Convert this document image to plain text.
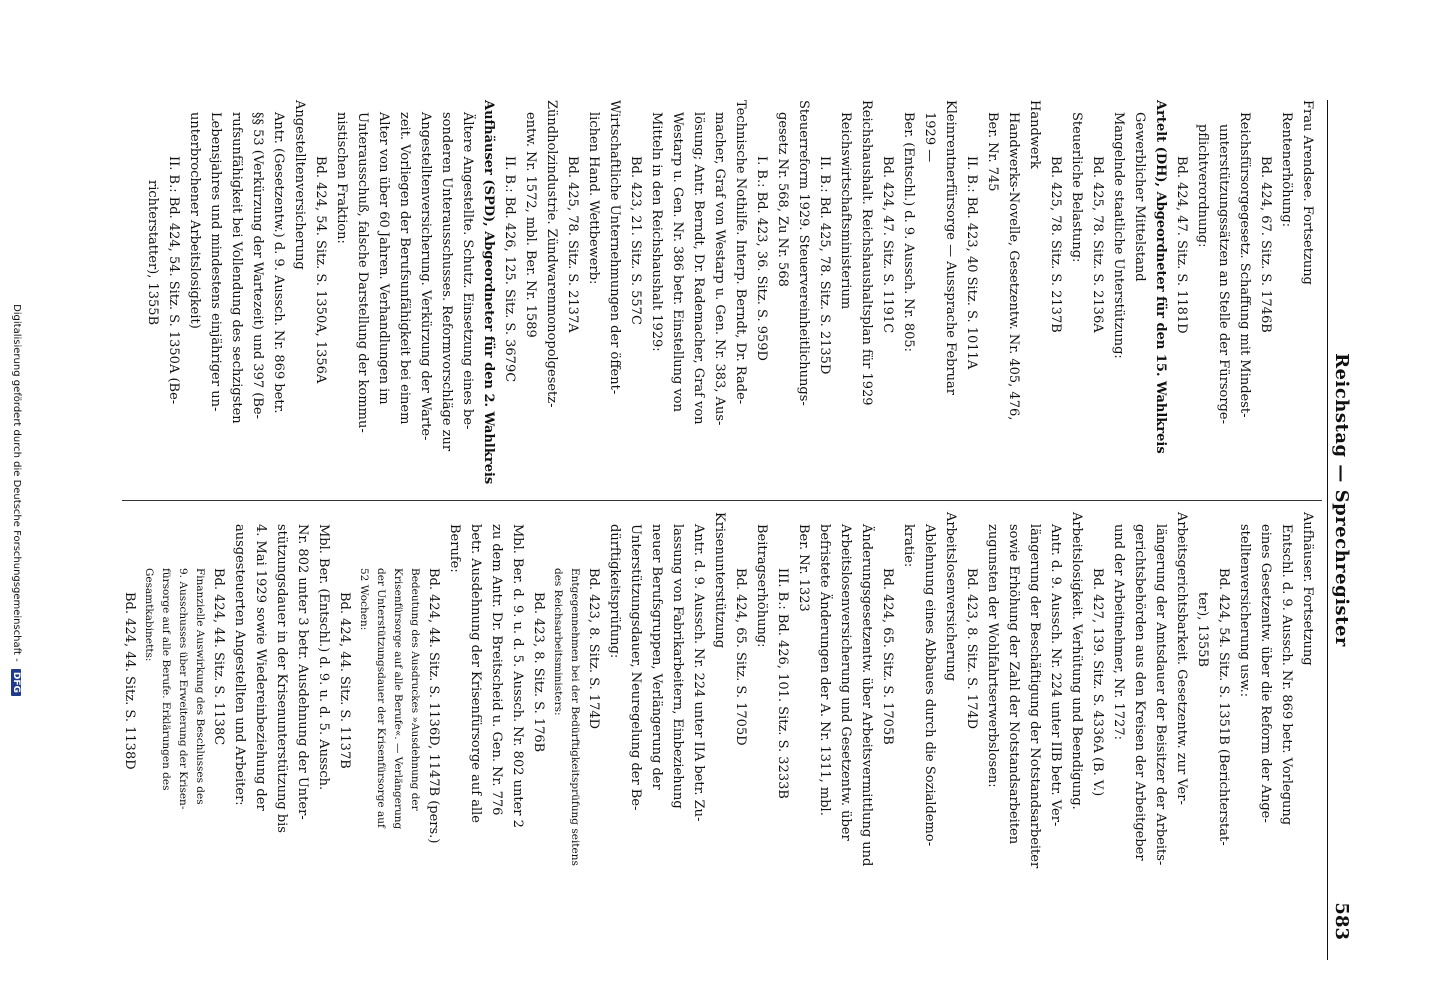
Reichstag — Sprechregister
583
Frau Arendsee. Fortsetzung
Rentenerhöhung:
Bd. 424, 67. Sitz. S. 1746B
Reichsfürsorgegesetz. Schaffung mit Mindest-
unterstützungssätzen an Stelle der Fürsorge-
pflichtverordnung:
Bd. 424, 47. Sitz. S. 1181D
Artelt (DH), Abgeordneter für den 15. Wahlkreis
Gewerblicher Mittelstand
Mangelnde staatliche Unterstützung:
Bd. 425, 78. Sitz. S. 2136A
Steuerliche Belastung:
Bd. 425, 78. Sitz. S. 2137B
Handwerk
Handwerks-Novelle, Gesetzentw. Nr. 405, 476,
Ber. Nr. 745
II. B.: Bd. 423, 40 Sitz. S. 1011A
Kleinrentnerfürsorge — Aussprache Februar
1929 —
Ber. (Entschl.) d. 9. Aussch. Nr. 805:
Bd. 424, 47. Sitz. S. 1191C
Reichshaushalt. Reichshaushaltsplan für 1929
Reichswirtschaftsministerium
II. B.: Bd. 425, 78. Sitz. S. 2135D
Steuerreform 1929. Steuervereinheitlichungs-
gesetz Nr. 568, Zu Nr. 568
I. B.: Bd. 423, 36. Sitz. S. 959D
Technische Nothilfe. Interp. Berndt, Dr. Rade-
macher, Graf von Westarp u. Gen. Nr. 383, Aus-
lösung; Antr. Berndt, Dr. Rademacher, Graf von
Westarp u. Gen. Nr. 386 betr. Einstellung von
Mitteln in den Reichshaushalt 1929:
Bd. 423, 21. Sitz. S. 557C
Wirtschaftliche Unternehmungen der öffent-
lichen Hand. Wettbewerb:
Bd. 425, 78. Sitz. S. 2137A
Zündholzindustrie. Zündwarenmonopolgesetz-
entw. Nr. 1572, mbl. Ber. Nr. 1589
II. B.: Bd. 426, 125. Sitz. S. 3679C
Aufhäuser (SPD), Abgeordneter für den 2. Wahlkreis
Ältere Angestellte. Schutz. Einsetzung eines be-
sonderen Unterausschusses. Reformvorschläge zur
Angestelltenversicherung. Verkürzung der Warte-
zeit. Vorliegen der Berufsunfähigkeit bei einem
Alter von über 60 Jahren. Verhandlungen im
Unterausschuß, falsche Darstellung der kommu-
nistischen Fraktion:
Bd. 424, 54. Sitz. S. 1350A, 1356A
Angestelltenversicherung
Antr. (Gesetzentw.) d. 9. Aussch. Nr. 869 betr.
§§ 53 (Verkürzung der Wartezeit) und 397 (Be-
rufsunfähigkeit bei Vollendung des sechzigsten
Lebensjahres und mindestens einjähriger un-
unterbrochener Arbeitslosigkeit)
II. B.: Bd. 424, 54. Sitz. S. 1350A (Be-
richterstatter), 1355B
Aufhäuser. Fortsetzung
Entschl. d. 9. Aussch. Nr. 869 betr. Vorlegung
eines Gesetzentw. über die Reform der Ange-
stelltenversicherung usw.:
Bd. 424, 54. Sitz. S. 1351B (Berichterstat-
ter), 1355B
Arbeitsgerichtsbarkeit. Gesetzentw. zur Ver-
längerung der Amtsdauer der Beisitzer der Arbeits-
gerichtsbehörden aus den Kreisen der Arbeitgeber
und der Arbeitnehmer, Nr. 1727:
Bd. 427, 139. Sitz. S. 4336A (B. V.)
Arbeitslosigkeit. Verhütung und Beendigung.
Antr. d. 9. Aussch. Nr. 224 unter IIB betr. Ver-
längerung der Beschäftigung der Notstandsarbeiter
sowie Erhöhung der Zahl der Notstandsarbeiten
zugunsten der Wohlfahrtserwerbslosen:
Bd. 423, 8. Sitz. S. 174D
Arbeitslosenversicherung
Ablehnung eines Abbaues durch die Sozialdemo-
kratie:
Bd. 424, 65. Sitz. S. 1705B
Änderungsgesetzentw. über Arbeitsvermittlung und
Arbeitslosenversicherung und Gesetzentw. über
befristete Änderungen der A. Nr. 1311, mbl.
Ber. Nr. 1323
III. B.: Bd. 426, 101. Sitz. S. 3233B
Beitragserhöhung:
Bd. 424, 65. Sitz. S. 1705D
Krisenunterstützung
Antr. d. 9. Aussch. Nr. 224 unter IIA betr. Zu-
lassung von Fabrikarbeitern, Einbeziehung
neuer Berufsgruppen, Verlängerung der
Unterstützungsdauer, Neuregelung der Be-
dürftigkeitsprüfung:
Bd. 423, 8. Sitz. S. 174D
Entgegennehmen bei der Bedürftigkeitsprüfung seitens
des Reichsarbeitsministers:
Bd. 423, 8. Sitz. S. 176B
Mbl. Ber. d. 9. u. d. 5. Aussch. Nr. 802 unter 2
zu dem Antr. Dr. Breitscheid u. Gen. Nr. 776
betr. Ausdehnung der Krisenfürsorge auf alle
Berufe:
Bd. 424, 44. Sitz. S. 1136D, 1147B (pers.)
Bedeutung des Ausdruckes »Ausdehnung der
Krisenfürsorge auf alle Berufe«. — Verlängerung
der Unterstützungsdauer der Krisenfürsorge auf
52 Wochen:
Bd. 424, 44. Sitz. S. 1137B
Mbl. Ber. (Entschl.) d. 9. u. d. 5. Aussch.
Nr. 802 unter 3 betr. Ausdehnung der Unter-
stützungsdauer in der Krisenunterstützung bis
4. Mai 1929 sowie Wiedereinbeziehung der
ausgesteuerten Angestellten und Arbeiter:
Bd. 424, 44. Sitz. S. 1138C
Finanzielle Auswirkung des Beschlusses des
9. Ausschusses über Erweiterung der Krisen-
fürsorge auf alle Berufe. Erklärungen des
Gesamtkabinetts:
Bd. 424, 44. Sitz. S. 1138D
Digitalisierung gefördert durch die Deutsche Forschungsgemeinschaft - DFG
